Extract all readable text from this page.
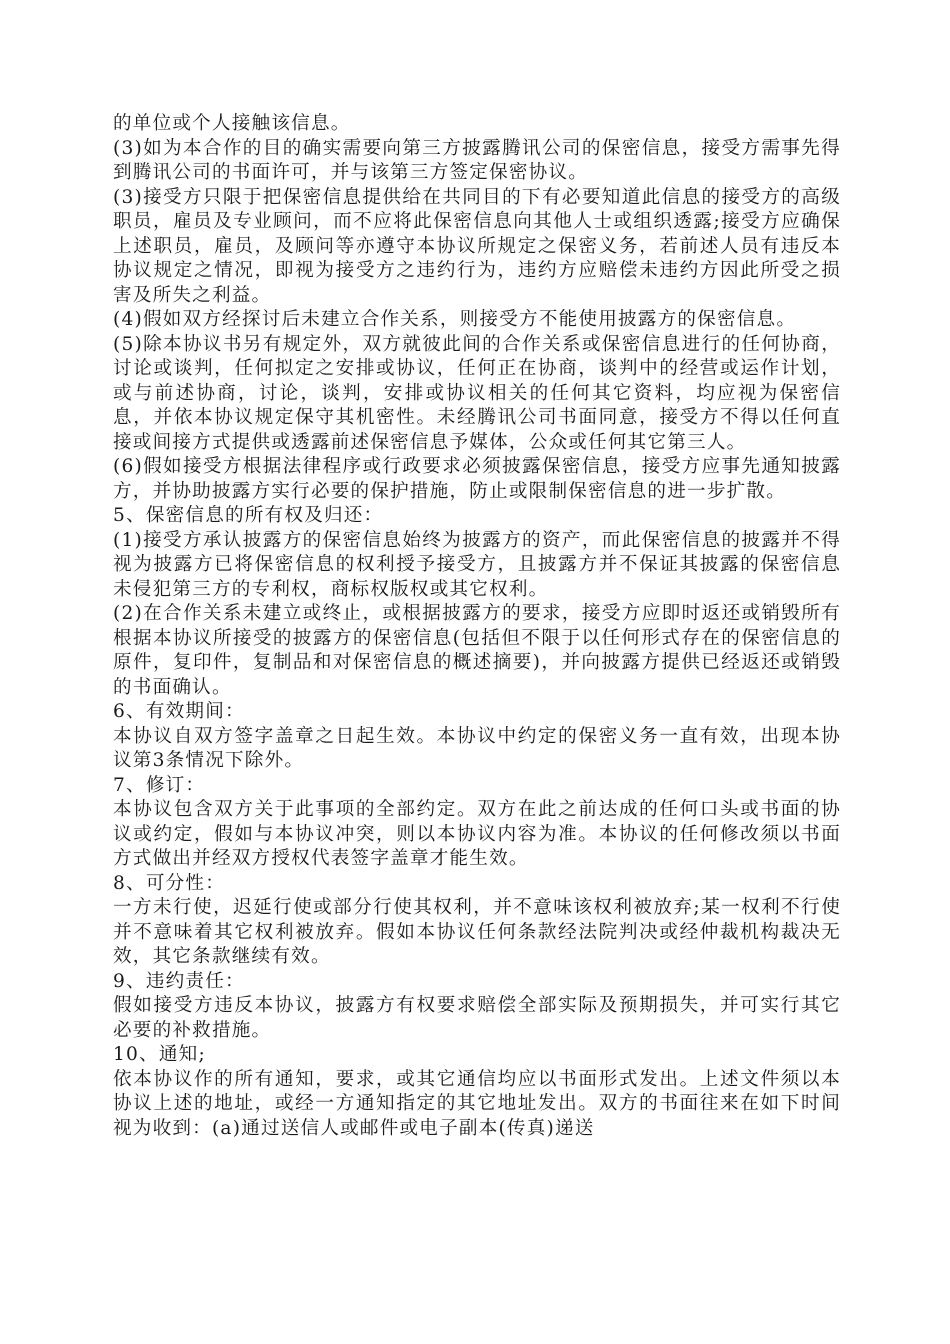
的单位或个人接触该信息。

(3)如为本合作的目的确实需要向第三方披露腾讯公司的保密信息，接受方需事先得到腾讯公司的书面许可，并与该第三方签定保密协议。

(3)接受方只限于把保密信息提供给在共同目的下有必要知道此信息的接受方的高级职员，雇员及专业顾问，而不应将此保密信息向其他人士或组织透露;接受方应确保上述职员，雇员，及顾问等亦遵守本协议所规定之保密义务，若前述人员有违反本协议规定之情况，即视为接受方之违约行为，违约方应赔偿未违约方因此所受之损害及所失之利益。

(4)假如双方经探讨后未建立合作关系，则接受方不能使用披露方的保密信息。

(5)除本协议书另有规定外，双方就彼此间的合作关系或保密信息进行的任何协商，讨论或谈判，任何拟定之安排或协议，任何正在协商，谈判中的经营或运作计划，或与前述协商，讨论，谈判，安排或协议相关的任何其它资料，均应视为保密信息，并依本协议规定保守其机密性。未经腾讯公司书面同意，接受方不得以任何直接或间接方式提供或透露前述保密信息予媒体，公众或任何其它第三人。

(6)假如接受方根据法律程序或行政要求必须披露保密信息，接受方应事先通知披露方，并协助披露方实行必要的保护措施，防止或限制保密信息的进一步扩散。

5、保密信息的所有权及归还：

(1)接受方承认披露方的保密信息始终为披露方的资产，而此保密信息的披露并不得视为披露方已将保密信息的权利授予接受方，且披露方并不保证其披露的保密信息未侵犯第三方的专利权，商标权版权或其它权利。

(2)在合作关系未建立或终止，或根据披露方的要求，接受方应即时返还或销毁所有根据本协议所接受的披露方的保密信息(包括但不限于以任何形式存在的保密信息的原件，复印件，复制品和对保密信息的概述摘要)，并向披露方提供已经返还或销毁的书面确认。

6、有效期间：

本协议自双方签字盖章之日起生效。本协议中约定的保密义务一直有效，出现本协议第3条情况下除外。

7、修订：

本协议包含双方关于此事项的全部约定。双方在此之前达成的任何口头或书面的协议或约定，假如与本协议冲突，则以本协议内容为准。本协议的任何修改须以书面方式做出并经双方授权代表签字盖章才能生效。

8、可分性：

一方未行使，迟延行使或部分行使其权利，并不意味该权利被放弃;某一权利不行使并不意味着其它权利被放弃。假如本协议任何条款经法院判决或经仲裁机构裁决无效，其它条款继续有效。

9、违约责任：

假如接受方违反本协议，披露方有权要求赔偿全部实际及预期损失，并可实行其它必要的补救措施。

10、通知;

依本协议作的所有通知，要求，或其它通信均应以书面形式发出。上述文件须以本协议上述的地址，或经一方通知指定的其它地址发出。双方的书面往来在如下时间视为收到：(a)通过送信人或邮件或电子副本(传真)递送
